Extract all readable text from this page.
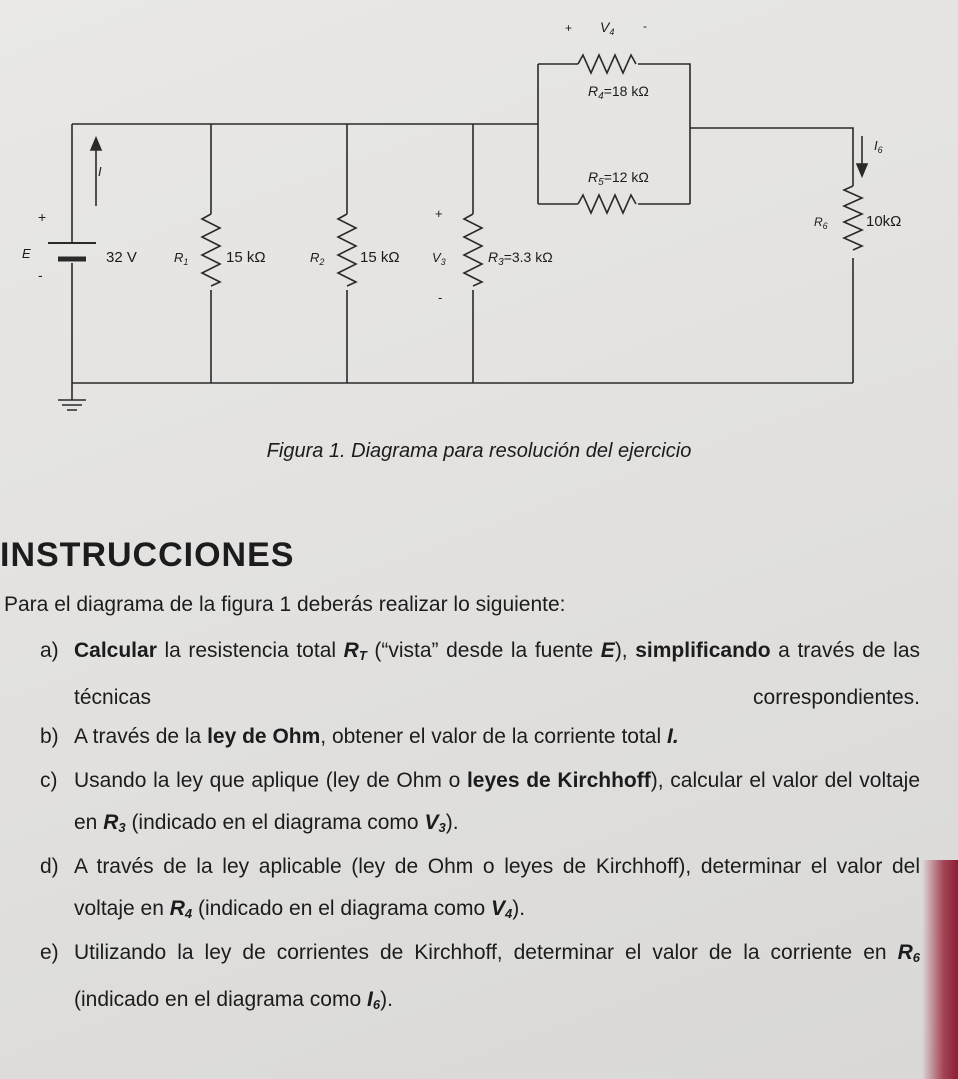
E
+
-
32 V
I
$R_1$	15 kΩ	$R_2$ 15 kΩ
+
$V_3$
-
$R_3=3.3$ kΩ
+ $V_4$ -
$R_4=18$ kΩ
$R_5=12$ kΩ
$I_6$
$R_6$	10kΩ
Figura 1. Diagrama para resolución del ejercicio
INSTRUCCIONES
Para el diagrama de la figura 1 deberás realizar lo siguiente:
a) Calcular la resistencia total $R_T$ (“vista” desde la fuente E), simplificando a través de las técnicas correspondientes.
b) A través de la ley de Ohm, obtener el valor de la corriente total I.
c) Usando la ley que aplique (ley de Ohm o leyes de Kirchhoff), calcular el valor del voltaje en $R_3$ (indicado en el diagrama como $V_3$).
d) A través de la ley aplicable (ley de Ohm o leyes de Kirchhoff), determinar el valor del voltaje en $R_4$ (indicado en el diagrama como $V_4$).
e) Utilizando la ley de corrientes de Kirchhoff, determinar el valor de la corriente en $R_6$ (indicado en el diagrama como $I_6$).
